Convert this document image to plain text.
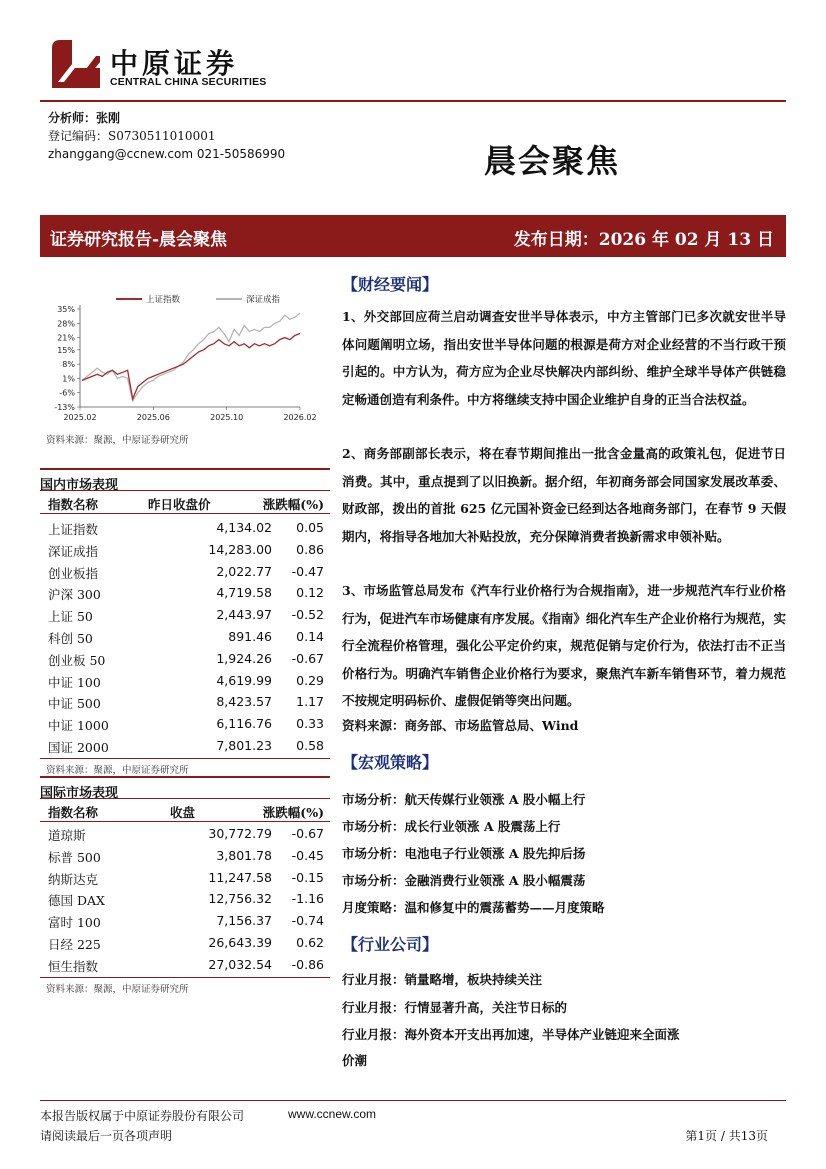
中原证券
CENTRAL CHINA SECURITIES
分析师：张刚
登记编码：S0730511010001
zhanggang@ccnew.com 021-50586990	晨会聚焦
证券研究报告-晨会聚焦	发布日期：2026 年 02 月 13 日
35%
28%
21%
15%
8%
1%
-6%
-13%
2025.02	2025.06	2025.10	2026.02
上证指数	深证成指
资料来源：聚源，中原证券研究所
国内市场表现
指数名称	昨日收盘价	涨跌幅(%)
上证指数	4,134.02 0.05
深证成指	14,283.00 0.86
创业板指	2,022.77 -0.47
沪深 300	4,719.58 0.12
上证 50	2,443.97 -0.52
科创 50	891.46 0.14
创业板 50	1,924.26 -0.67
中证 100	4,619.99 0.29
中证 500	8,423.57 1.17
中证 1000	6,116.76 0.33
国证 2000	7,801.23 0.58
资料来源：聚源，中原证券研究所
国际市场表现
指数名称	收盘	涨跌幅(%)
道琼斯	30,772.79 -0.67
标普 500	3,801.78 -0.45
纳斯达克	11,247.58 -0.15
德国 DAX	12,756.32 -1.16
富时 100	7,156.37 -0.74
日经 225	26,643.39 0.62
恒生指数	27,032.54 -0.86
资料来源：聚源，中原证券研究所
【财经要闻】
1、外交部回应荷兰启动调查安世半导体表示，中方主管部门已多次就安世半导体问题阐明立场，指出安世半导体问题的根源是荷方对企业经营的不当行政干预引起的。中方认为，荷方应为企业尽快解决内部纠纷、维护全球半导体产供链稳定畅通创造有利条件。中方将继续支持中国企业维护自身的正当合法权益。
2、商务部副部长表示，将在春节期间推出一批含金量高的政策礼包，促进节日消费。其中，重点提到了以旧换新。据介绍，年初商务部会同国家发展改革委、财政部，拨出的首批 625 亿元国补资金已经到达各地商务部门，在春节 9 天假期内，将指导各地加大补贴投放，充分保障消费者换新需求申领补贴。
3、市场监管总局发布《汽车行业价格行为合规指南》，进一步规范汽车行业价格行为，促进汽车市场健康有序发展。《指南》细化汽车生产企业价格行为规范，实行全流程价格管理，强化公平定价约束，规范促销与定价行为，依法打击不正当价格行为。明确汽车销售企业价格行为要求，聚焦汽车新车销售环节，着力规范不按规定明码标价、虚假促销等突出问题。
资料来源：商务部、市场监管总局、Wind
【宏观策略】
市场分析：航天传媒行业领涨 A 股小幅上行
市场分析：成长行业领涨 A 股震荡上行
市场分析：电池电子行业领涨 A 股先抑后扬
市场分析：金融消费行业领涨 A 股小幅震荡
月度策略：温和修复中的震荡蓄势——月度策略
【行业公司】
行业月报：销量略增，板块持续关注
行业月报：行情显著升高，关注节日标的
行业月报：海外资本开支出再加速，半导体产业链迎来全面涨
价潮
本报告版权属于中原证券股份有限公司	www.ccnew.com
请阅读最后一页各项声明	第1页 / 共13页
